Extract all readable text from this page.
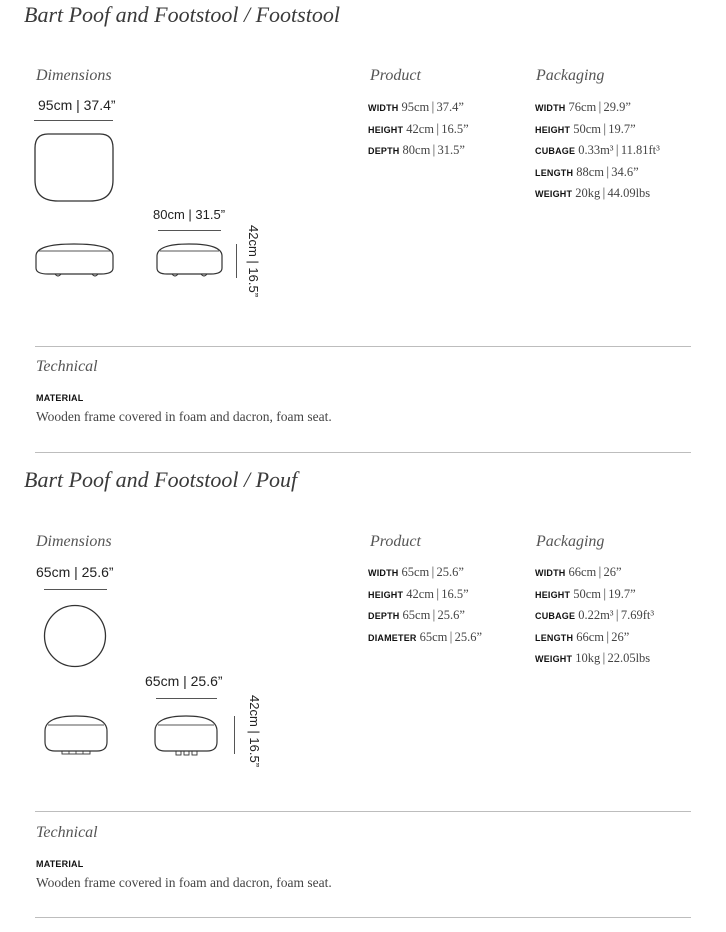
Bart Poof and Footstool / Footstool
Dimensions
95cm | 37.4”
80cm | 31.5”
42cm | 16.5”
Product
WIDTH 95cm | 37.4”
HEIGHT 42cm | 16.5”
DEPTH 80cm | 31.5”
Packaging
WIDTH 76cm | 29.9”
HEIGHT 50cm | 19.7”
CUBAGE 0.33m³ | 11.81ft³
LENGTH 88cm | 34.6”
WEIGHT 20kg | 44.09lbs
Technical
MATERIAL
Wooden frame covered in foam and dacron, foam seat.
Bart Poof and Footstool / Pouf
Dimensions
65cm | 25.6”
65cm | 25.6”
42cm | 16.5”
Product
WIDTH 65cm | 25.6”
HEIGHT 42cm | 16.5”
DEPTH 65cm | 25.6”
DIAMETER 65cm | 25.6”
Packaging
WIDTH 66cm | 26”
HEIGHT 50cm | 19.7”
CUBAGE 0.22m³ | 7.69ft³
LENGTH 66cm | 26”
WEIGHT 10kg | 22.05lbs
Technical
MATERIAL
Wooden frame covered in foam and dacron, foam seat.
